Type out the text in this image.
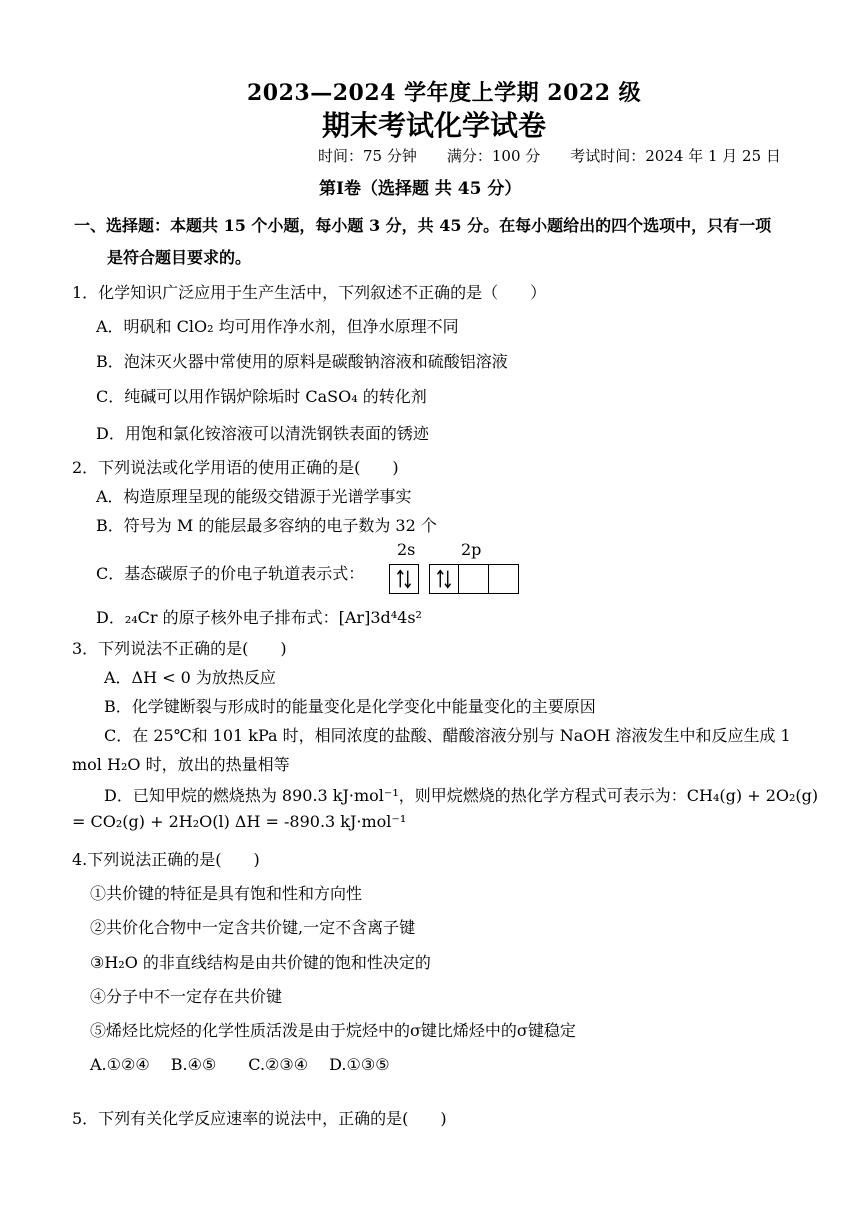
2023—2024 学年度上学期 2022 级
期末考试化学试卷
时间：75 分钟　　满分：100 分　　考试时间：2024 年 1 月 25 日
第Ⅰ卷（选择题 共 45 分）
一、选择题：本题共 15 个小题，每小题 3 分，共 45 分。在每小题给出的四个选项中，只有一项
是符合题目要求的。
1．化学知识广泛应用于生产生活中，下列叙述不正确的是（　　）
A．明矾和 ClO₂ 均可用作净水剂，但净水原理不同
B．泡沫灭火器中常使用的原料是碳酸钠溶液和硫酸铝溶液
C．纯碱可以用作锅炉除垢时 CaSO₄ 的转化剂
D．用饱和氯化铵溶液可以清洗钢铁表面的锈迹
2．下列说法或化学用语的使用正确的是(　　)
A．构造原理呈现的能级交错源于光谱学事实
B．符号为 M 的能层最多容纳的电子数为 32 个
C．基态碳原子的价电子轨道表示式：
2s	2p
D．₂₄Cr 的原子核外电子排布式：[Ar]3d⁴4s²
3．下列说法不正确的是(　　)
A．ΔH < 0 为放热反应
B．化学键断裂与形成时的能量变化是化学变化中能量变化的主要原因
C．在 25℃和 101 kPa 时，相同浓度的盐酸、醋酸溶液分别与 NaOH 溶液发生中和反应生成 1
mol H₂O 时，放出的热量相等
D．已知甲烷的燃烧热为 890.3 kJ·mol⁻¹，则甲烷燃烧的热化学方程式可表示为：CH₄(g) + 2O₂(g)
= CO₂(g) + 2H₂O(l) ΔH = -890.3 kJ·mol⁻¹
4.下列说法正确的是(　　)
①共价键的特征是具有饱和性和方向性
②共价化合物中一定含共价键,一定不含离子键
③H₂O 的非直线结构是由共价键的饱和性决定的
④分子中不一定存在共价键
⑤烯烃比烷烃的化学性质活泼是由于烷烃中的σ键比烯烃中的σ键稳定
A.①②④　 B.④⑤　　C.②③④　 D.①③⑤
5．下列有关化学反应速率的说法中，正确的是(　　)
